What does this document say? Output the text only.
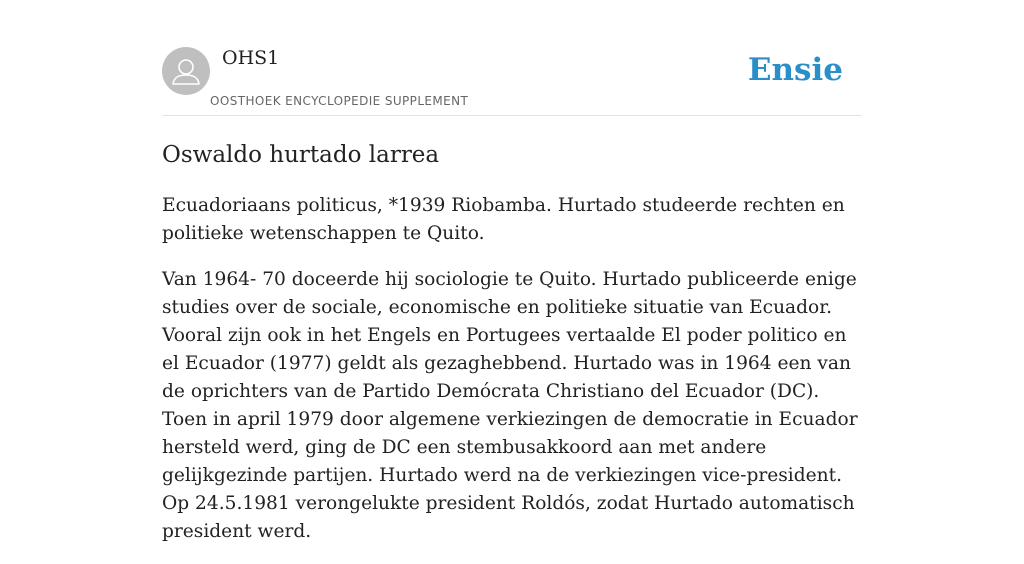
OHS1
OOSTHOEK ENCYCLOPEDIE SUPPLEMENT
Ensie
Oswaldo hurtado larrea

Ecuadoriaans politicus, *1939 Riobamba. Hurtado studeerde rechten en politieke wetenschappen te Quito.

Van 1964- 70 doceerde hij sociologie te Quito. Hurtado publiceerde enige studies over de sociale, economische en politieke situatie van Ecuador. Vooral zijn ook in het Engels en Portugees vertaalde El poder politico en el Ecuador (1977) geldt als gezaghebbend. Hurtado was in 1964 een van de oprichters van de Partido Demócrata Christiano del Ecuador (DC). Toen in april 1979 door algemene verkiezingen de democratie in Ecuador hersteld werd, ging de DC een stembusakkoord aan met andere gelijkgezinde partijen. Hurtado werd na de verkiezingen vice-president. Op 24.5.1981 verongelukte president Roldós, zodat Hurtado automatisch president werd.
